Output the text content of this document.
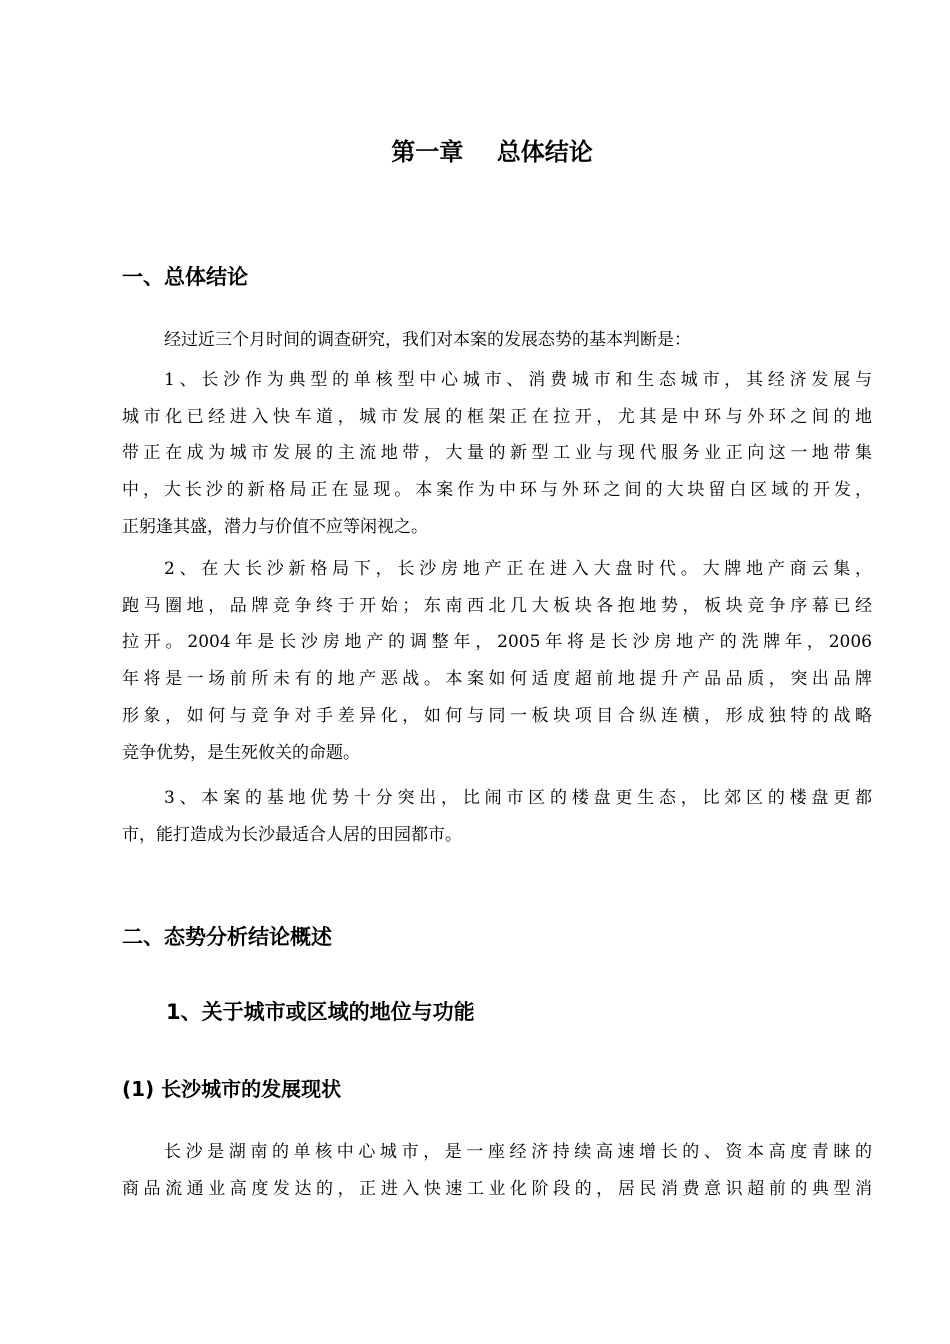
第一章    总体结论
一、总体结论
经过近三个月时间的调查研究，我们对本案的发展态势的基本判断是：
1、长沙作为典型的单核型中心城市、消费城市和生态城市，其经济发展与
城市化已经进入快车道，城市发展的框架正在拉开，尤其是中环与外环之间的地
带正在成为城市发展的主流地带，大量的新型工业与现代服务业正向这一地带集
中，大长沙的新格局正在显现。本案作为中环与外环之间的大块留白区域的开发，
正躬逢其盛，潜力与价值不应等闲视之。
2、在大长沙新格局下，长沙房地产正在进入大盘时代。大牌地产商云集，
跑马圈地，品牌竞争终于开始；东南西北几大板块各抱地势，板块竞争序幕已经
拉开。2004年是长沙房地产的调整年，2005年将是长沙房地产的洗牌年，2006
年将是一场前所未有的地产恶战。本案如何适度超前地提升产品品质，突出品牌
形象，如何与竞争对手差异化，如何与同一板块项目合纵连横，形成独特的战略
竞争优势，是生死攸关的命题。
3、本案的基地优势十分突出，比闹市区的楼盘更生态，比郊区的楼盘更都
市，能打造成为长沙最适合人居的田园都市。
二、态势分析结论概述
1、关于城市或区域的地位与功能
(1) 长沙城市的发展现状
长沙是湖南的单核中心城市，是一座经济持续高速增长的、资本高度青睐的
商品流通业高度发达的，正进入快速工业化阶段的，居民消费意识超前的典型消
